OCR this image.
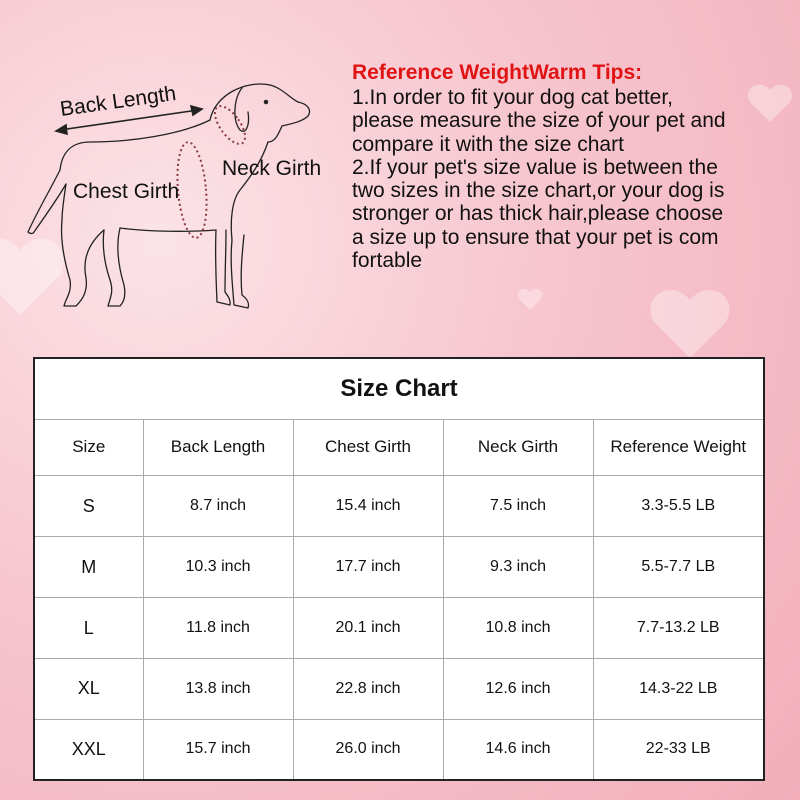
Back Length
Chest Girth
Neck Girth
Reference WeightWarm Tips:
1.In order to fit your dog cat better,
please measure the size of your pet and
compare it with the size chart
2.If your pet's size value is between the
two sizes in the size chart,or your dog is
stronger or has thick hair,please choose
a size up to ensure that your pet is com
fortable
Size Chart
Size	Back Length	Chest Girth	Neck Girth	Reference Weight
S	8.7 inch	15.4 inch	7.5 inch	3.3-5.5 LB
M	10.3 inch	17.7 inch	9.3 inch	5.5-7.7 LB
L	11.8 inch	20.1 inch	10.8 inch	7.7-13.2 LB
XL	13.8 inch	22.8 inch	12.6 inch	14.3-22 LB
XXL	15.7 inch	26.0 inch	14.6 inch	22-33 LB
